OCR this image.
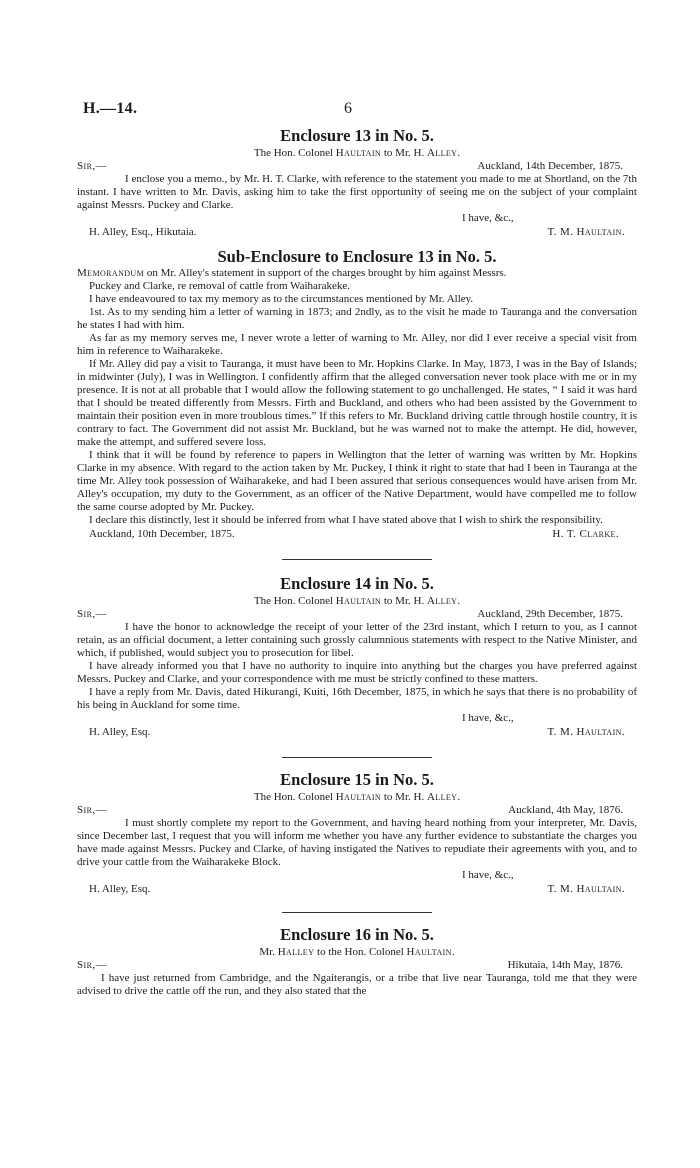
H.—14.	6
Enclosure 13 in No. 5.

The Hon. Colonel Haultain to Mr. H. Alley.

Sir,—	Auckland, 14th December, 1875.

I enclose you a memo., by Mr. H. T. Clarke, with reference to the statement you made to me at Shortland, on the 7th instant. I have written to Mr. Davis, asking him to take the first opportunity of seeing me on the subject of your complaint against Messrs. Puckey and Clarke.

I have, &c.,
H. Alley, Esq., Hikutaia.	T. M. Haultain.
Sub-Enclosure to Enclosure 13 in No. 5.

Memorandum on Mr. Alley's statement in support of the charges brought by him against Messrs.
Puckey and Clarke, re removal of cattle from Waiharakeke.

I have endeavoured to tax my memory as to the circumstances mentioned by Mr. Alley.

1st. As to my sending him a letter of warning in 1873; and 2ndly, as to the visit he made to Tauranga and the conversation he states I had with him.

As far as my memory serves me, I never wrote a letter of warning to Mr. Alley, nor did I ever receive a special visit from him in reference to Waiharakeke.

If Mr. Alley did pay a visit to Tauranga, it must have been to Mr. Hopkins Clarke. In May, 1873, I was in the Bay of Islands; in midwinter (July), I was in Wellington. I confidently affirm that the alleged conversation never took place with me or in my presence. It is not at all probable that I would allow the following statement to go unchallenged. He states, “ I said it was hard that I should be treated differently from Messrs. Firth and Buckland, and others who had been assisted by the Government to maintain their position even in more troublous times.” If this refers to Mr. Buckland driving cattle through hostile country, it is contrary to fact. The Government did not assist Mr. Buckland, but he was warned not to make the attempt. He did, however, make the attempt, and suffered severe loss.

I think that it will be found by reference to papers in Wellington that the letter of warning was written by Mr. Hopkins Clarke in my absence. With regard to the action taken by Mr. Puckey, I think it right to state that had I been in Tauranga at the time Mr. Alley took possession of Waiharakeke, and had I been assured that serious consequences would have arisen from Mr. Alley's occupation, my duty to the Government, as an officer of the Native Department, would have compelled me to follow the same course adopted by Mr. Puckey.

I declare this distinctly, lest it should be inferred from what I have stated above that I wish to shirk the responsibility.

Auckland, 10th December, 1875.	H. T. Clarke.
Enclosure 14 in No. 5.

The Hon. Colonel Haultain to Mr. H. Alley.

Sir,—	Auckland, 29th December, 1875.

I have the honor to acknowledge the receipt of your letter of the 23rd instant, which I return to you, as I cannot retain, as an official document, a letter containing such grossly calumnious statements with respect to the Native Minister, and which, if published, would subject you to prosecution for libel.

I have already informed you that I have no authority to inquire into anything but the charges you have preferred against Messrs. Puckey and Clarke, and your correspondence with me must be strictly confined to these matters.

I have a reply from Mr. Davis, dated Hikurangi, Kuiti, 16th December, 1875, in which he says that there is no probability of his being in Auckland for some time.

I have, &c.,
H. Alley, Esq.	T. M. Haultain.
Enclosure 15 in No. 5.

The Hon. Colonel Haultain to Mr. H. Alley.

Sir,—	Auckland, 4th May, 1876.

I must shortly complete my report to the Government, and having heard nothing from your interpreter, Mr. Davis, since December last, I request that you will inform me whether you have any further evidence to substantiate the charges you have made against Messrs. Puckey and Clarke, of having instigated the Natives to repudiate their agreements with you, and to drive your cattle from the Waiharakeke Block.

I have, &c.,
H. Alley, Esq.	T. M. Haultain.
Enclosure 16 in No. 5.

Mr. Halley to the Hon. Colonel Haultain.

Sir,—	Hikutaia, 14th May, 1876.

I have just returned from Cambridge, and the Ngaiterangis, or a tribe that live near Tauranga, told me that they were advised to drive the cattle off the run, and they also stated that the
